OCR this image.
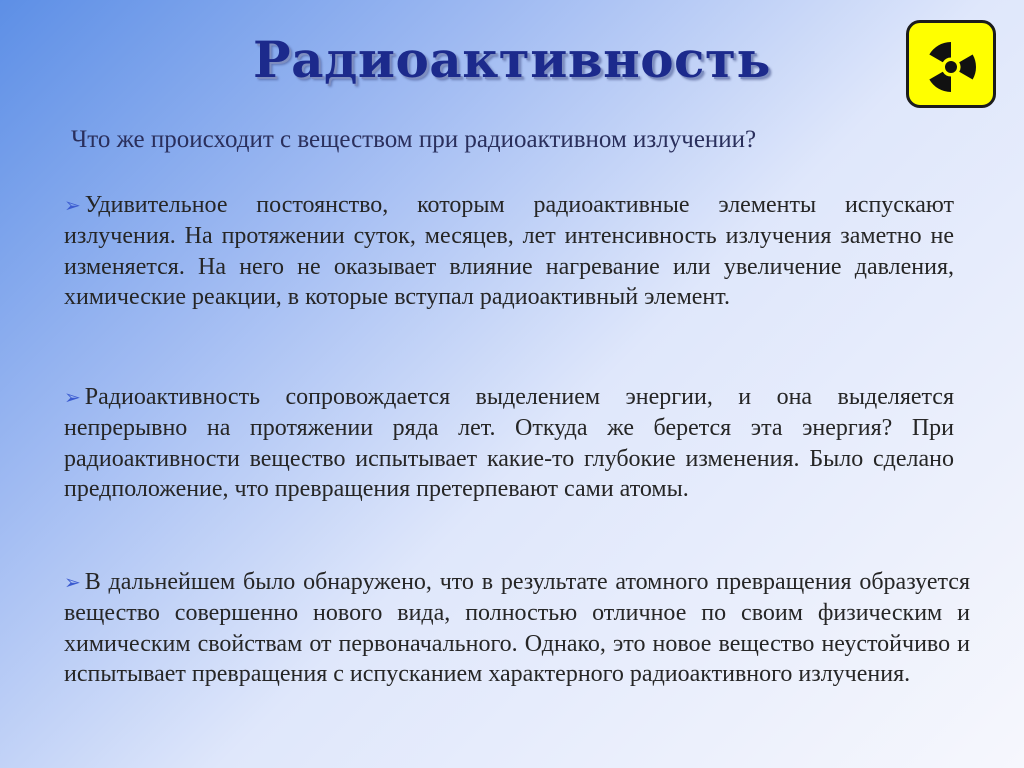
Радиоактивность
Что же происходит с веществом при радиоактивном излучении?
➢ Удивительное постоянство, которым радиоактивные элементы испускают излучения. На протяжении суток, месяцев, лет интенсивность излучения заметно не изменяется. На него не оказывает влияние нагревание или увеличение давления, химические реакции, в которые вступал радиоактивный элемент.
➢ Радиоактивность сопровождается выделением энергии, и она выделяется непрерывно на протяжении ряда лет. Откуда же берется эта энергия? При радиоактивности вещество испытывает какие-то глубокие изменения. Было сделано предположение, что превращения претерпевают сами атомы.
➢ В дальнейшем было обнаружено, что в результате атомного превращения образуется вещество совершенно нового вида, полностью отличное по своим физическим и химическим свойствам от первоначального. Однако, это новое вещество неустойчиво и испытывает превращения с испусканием характерного радиоактивного излучения.
